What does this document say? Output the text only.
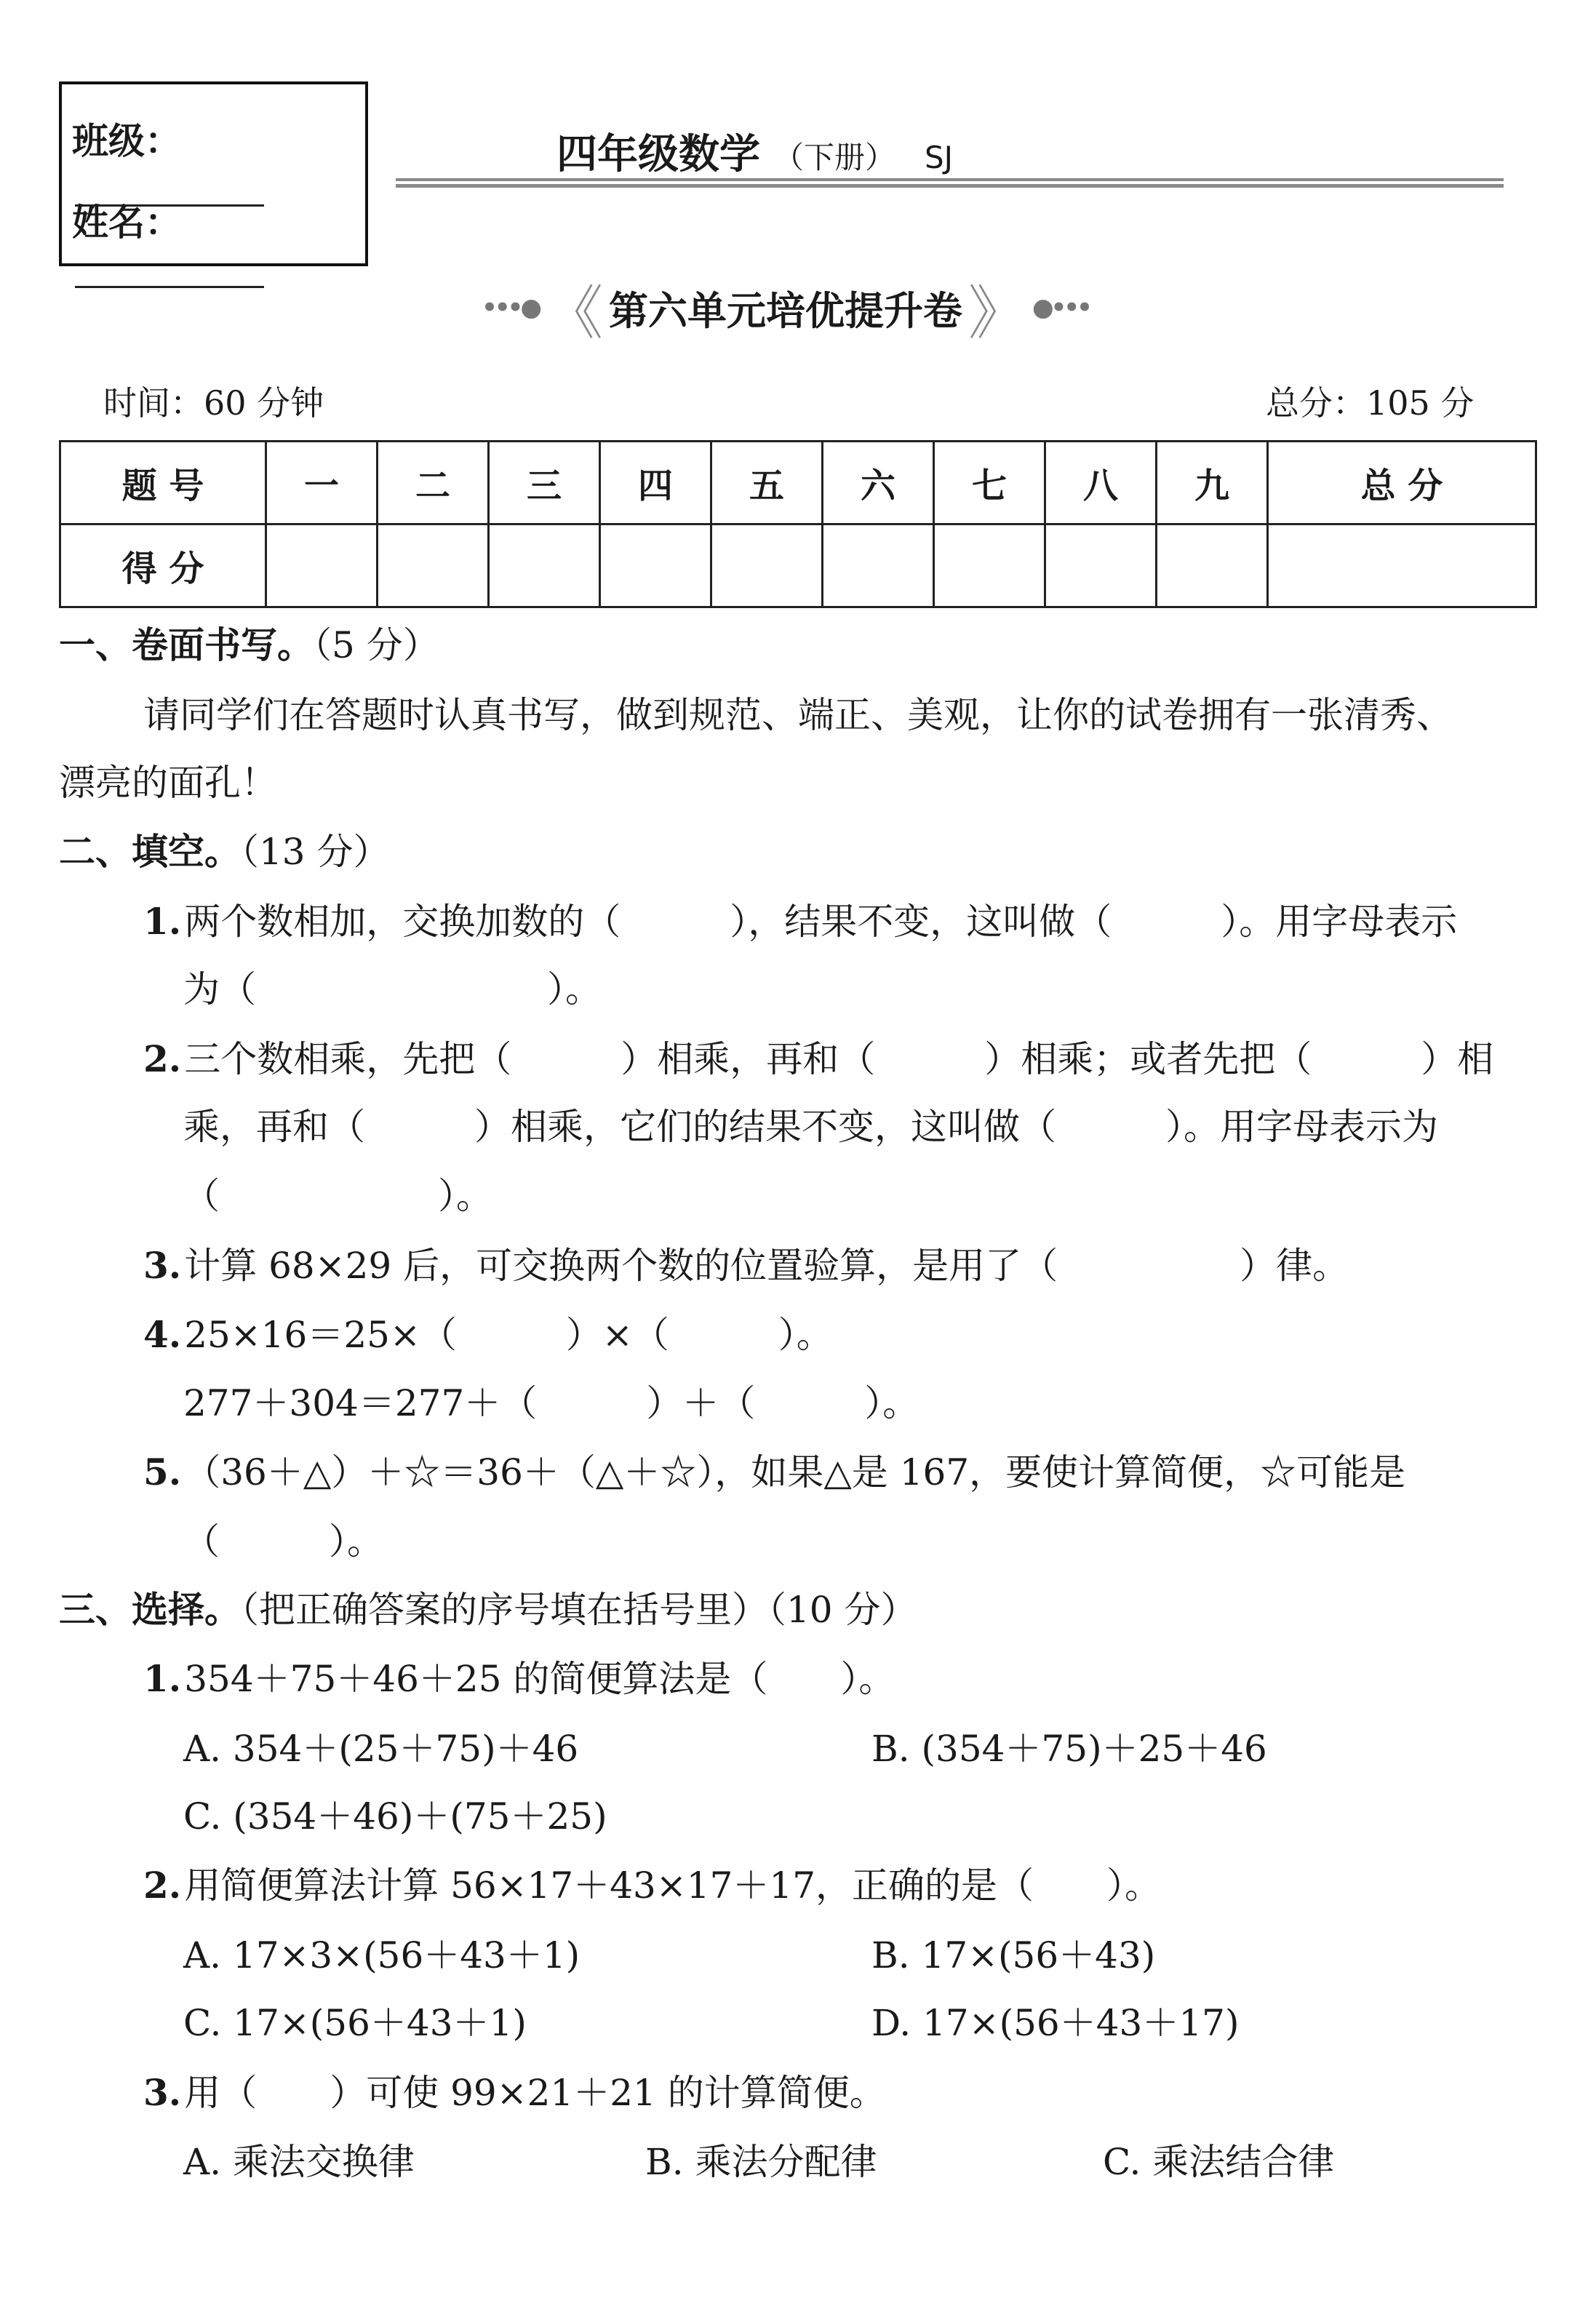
班级：
姓名：
四年级数学 （下册） SJ
•••● 《 第六单元培优提升卷 》 ●•••
时间：60 分钟	总分：105 分
题 号	一	二	三	四	五	六	七	八	九	总 分
得 分										
一、卷面书写。（5 分）
请同学们在答题时认真书写，做到规范、端正、美观，让你的试卷拥有一张清秀、
漂亮的面孔！
二、填空。（13 分）
1.两个数相加，交换加数的（　　　），结果不变，这叫做（　　　）。用字母表示
为（　　　　　　　　）。
2.三个数相乘，先把（　　　）相乘，再和（　　　）相乘；或者先把（　　　）相
乘，再和（　　　）相乘，它们的结果不变，这叫做（　　　）。用字母表示为
（　　　　　　）。
3.计算 68×29 后，可交换两个数的位置验算，是用了（　　　　　）律。
4.25×16＝25×（　　　）×（　　　）。
277＋304＝277＋（　　　）＋（　　　）。
5.（36＋△）＋☆＝36＋（△＋☆），如果△是 167，要使计算简便，☆可能是
（　　　）。
三、选择。（把正确答案的序号填在括号里）（10 分）
1.354＋75＋46＋25 的简便算法是（　　）。
A. 354＋(25＋75)＋46	B. (354＋75)＋25＋46
C. (354＋46)＋(75＋25)
2.用简便算法计算 56×17＋43×17＋17，正确的是（　　）。
A. 17×3×(56＋43＋1)	B. 17×(56＋43)
C. 17×(56＋43＋1)	D. 17×(56＋43＋17)
3.用（　　）可使 99×21＋21 的计算简便。
A. 乘法交换律	B. 乘法分配律	C. 乘法结合律
